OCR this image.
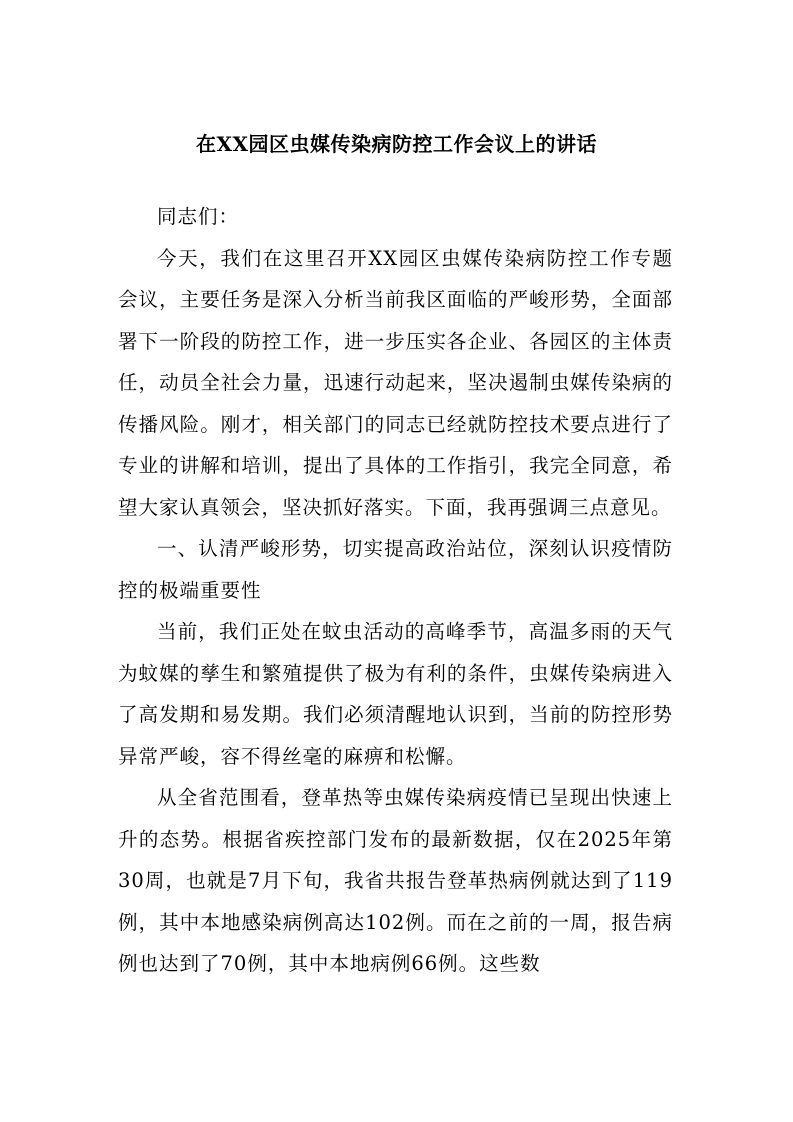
在XX园区虫媒传染病防控工作会议上的讲话

同志们：

今天，我们在这里召开XX园区虫媒传染病防控工作专题会议，主要任务是深入分析当前我区面临的严峻形势，全面部署下一阶段的防控工作，进一步压实各企业、各园区的主体责任，动员全社会力量，迅速行动起来，坚决遏制虫媒传染病的传播风险。刚才，相关部门的同志已经就防控技术要点进行了专业的讲解和培训，提出了具体的工作指引，我完全同意，希望大家认真领会，坚决抓好落实。下面，我再强调三点意见。

一、认清严峻形势，切实提高政治站位，深刻认识疫情防控的极端重要性

当前，我们正处在蚊虫活动的高峰季节，高温多雨的天气为蚊媒的孳生和繁殖提供了极为有利的条件，虫媒传染病进入了高发期和易发期。我们必须清醒地认识到，当前的防控形势异常严峻，容不得丝毫的麻痹和松懈。

从全省范围看，登革热等虫媒传染病疫情已呈现出快速上升的态势。根据省疾控部门发布的最新数据，仅在2025年第30周，也就是7月下旬，我省共报告登革热病例就达到了119例，其中本地感染病例高达102例。而在之前的一周，报告病例也达到了70例，其中本地病例66例。这些数
